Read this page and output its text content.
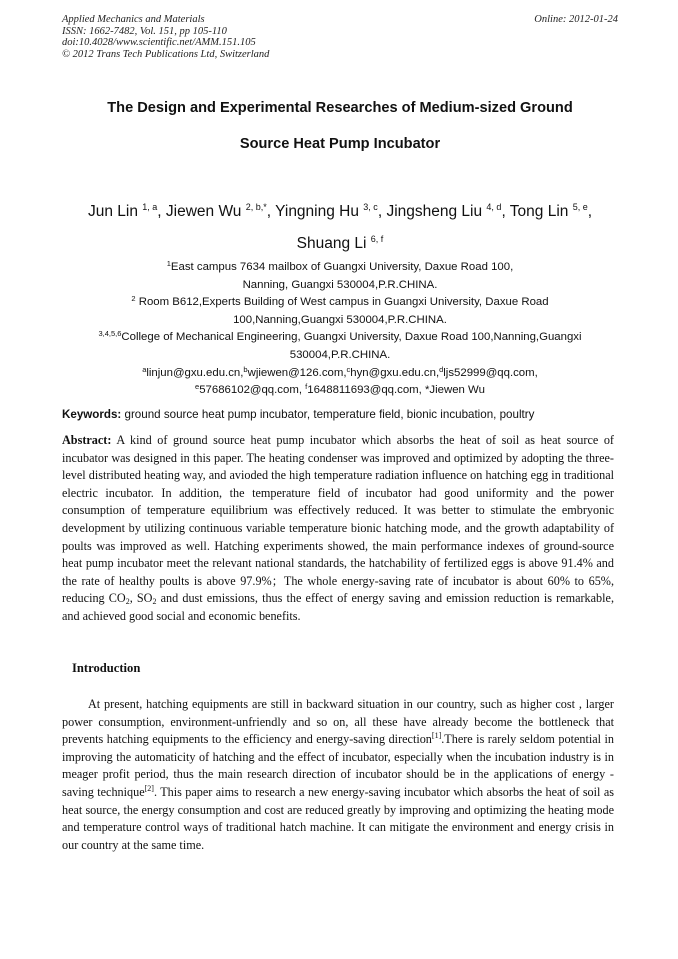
Applied Mechanics and Materials
ISSN: 1662-7482, Vol. 151, pp 105-110
doi:10.4028/www.scientific.net/AMM.151.105
© 2012 Trans Tech Publications Ltd, Switzerland
Online: 2012-01-24
The Design and Experimental Researches of Medium-sized Ground
Source Heat Pump Incubator
Jun Lin $^{1, a}$, Jiewen Wu $^{2, b,*}$, Yingning Hu $^{3, c}$, Jingsheng Liu $^{4, d}$, Tong Lin $^{5, e}$,
Shuang Li $^{6, f}$
$^1$East campus 7634 mailbox of Guangxi University, Daxue Road 100,
Nanning, Guangxi 530004,P.R.CHINA.
$^2$ Room B612,Experts Building of West campus in Guangxi University, Daxue Road
100,Nanning,Guangxi 530004,P.R.CHINA.
$^{3,4,5,6}$College of Mechanical Engineering, Guangxi University, Daxue Road 100,Nanning,Guangxi
530004,P.R.CHINA.
$^a$linjun@gxu.edu.cn,$^b$wjiewen@126.com,$^c$hyn@gxu.edu.cn,$^d$ljs52999@qq.com,
$^e$57686102@qq.com, $^f$1648811693@qq.com, *Jiewen Wu
Keywords: ground source heat pump incubator, temperature field, bionic incubation, poultry
Abstract: A kind of ground source heat pump incubator which absorbs the heat of soil as heat source of incubator was designed in this paper. The heating condenser was improved and optimized by adopting the three-level distributed heating way, and avioded the high temperature radiation influence on hatching egg in traditional electric incubator. In addition, the temperature field of incubator had good uniformity and the power consumption of temperature equilibrium was effectively reduced. It was better to stimulate the embryonic development by utilizing continuous variable temperature bionic hatching mode, and the growth adaptability of poults was improved as well. Hatching experiments showed, the main performance indexes of ground-source heat pump incubator meet the relevant national standards, the hatchability of fertilized eggs is above 91.4% and the rate of healthy poults is above 97.9%；The whole energy-saving rate of incubator is about 60% to 65%, reducing $CO_2$, $SO_2$ and dust emissions, thus the effect of energy saving and emission reduction is remarkable, and achieved good social and economic benefits.
Introduction
At present, hatching equipments are still in backward situation in our country, such as higher cost , larger power consumption, environment-unfriendly and so on, all these have already become the bottleneck that prevents hatching equipments to the efficiency and energy-saving direction[1].There is rarely seldom potential in improving the automaticity of hatching and the effect of incubator, especially when the incubation industry is in meager profit period, thus the main research direction of incubator should be in the applications of energy -saving technique[2]. This paper aims to research a new energy-saving incubator which absorbs the heat of soil as heat source, the energy consumption and cost are reduced greatly by improving and optimizing the heating mode and temperature control ways of traditional hatch machine. It can mitigate the environment and energy crisis in our country at the same time.
